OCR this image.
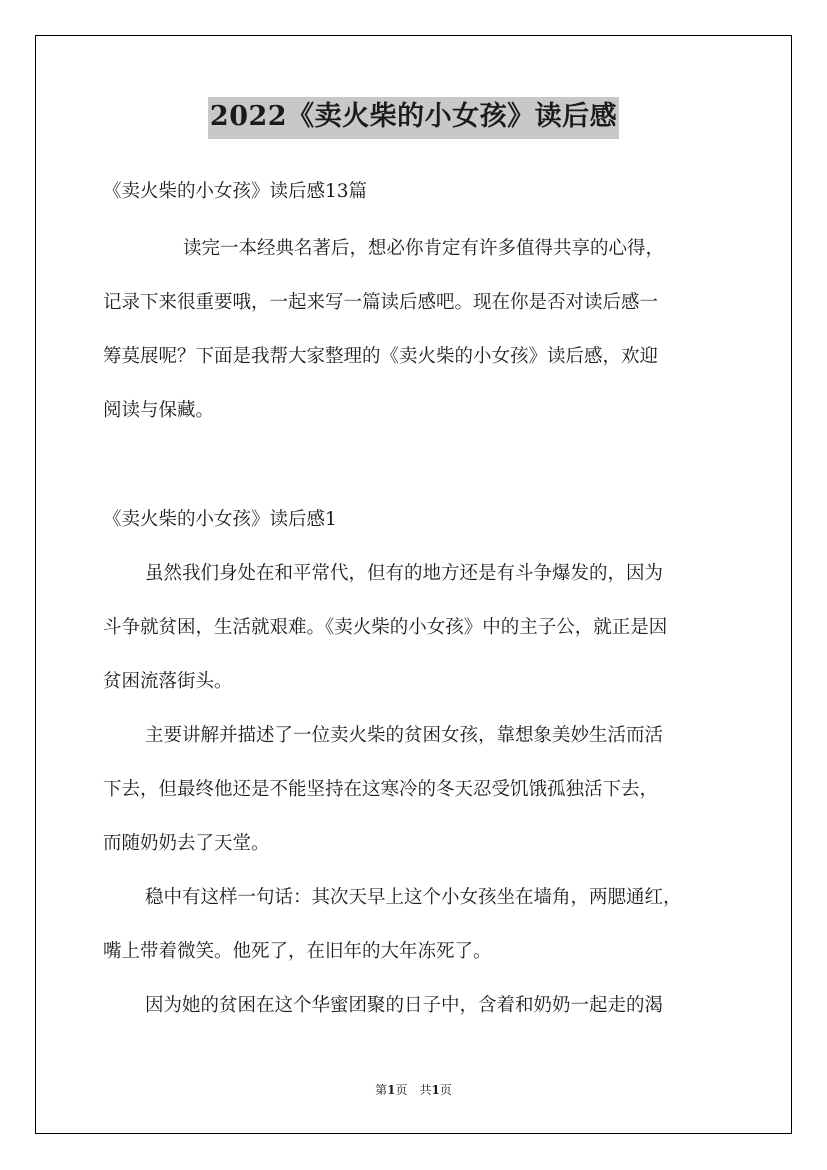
2022《卖火柴的小女孩》读后感
《卖火柴的小女孩》读后感13篇
读完一本经典名著后，想必你肯定有许多值得共享的心得，
记录下来很重要哦，一起来写一篇读后感吧。现在你是否对读后感一
筹莫展呢？下面是我帮大家整理的《卖火柴的小女孩》读后感，欢迎
阅读与保藏。
《卖火柴的小女孩》读后感1
虽然我们身处在和平常代，但有的地方还是有斗争爆发的，因为
斗争就贫困，生活就艰难。《卖火柴的小女孩》中的主子公，就正是因
贫困流落街头。
主要讲解并描述了一位卖火柴的贫困女孩，靠想象美妙生活而活
下去，但最终他还是不能坚持在这寒冷的冬天忍受饥饿孤独活下去，
而随奶奶去了天堂。
稳中有这样一句话：其次天早上这个小女孩坐在墙角，两腮通红，
嘴上带着微笑。他死了，在旧年的大年冻死了。
因为她的贫困在这个华蜜团聚的日子中，含着和奶奶一起走的渴
第1页　共1页
